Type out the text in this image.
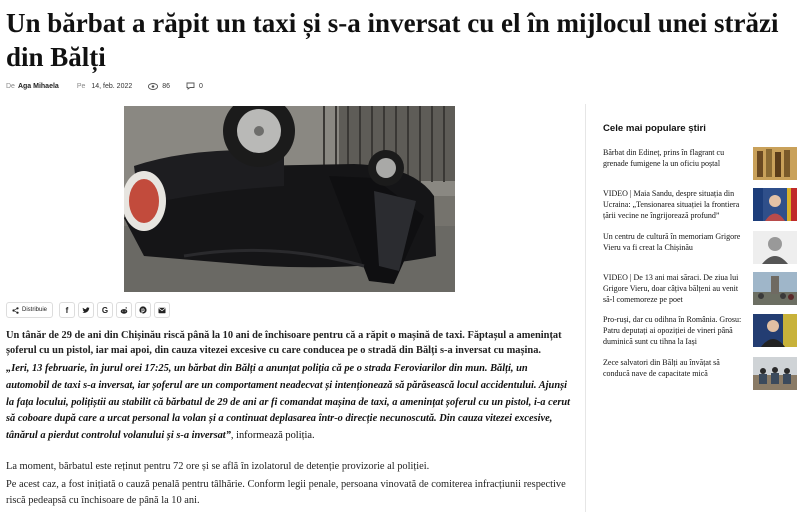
Un bărbat a răpit un taxi și s-a inversat cu el în mijlocul unei străzi din Bălți
De Aga Mihaela	Pe 14, feb. 2022	86	0
Distribuie f	G	p

Un tânăr de 29 de ani din Chișinău riscă până la 10 ani de închisoare pentru că a răpit o mașină de taxi. Făptașul a amenințat șoferul cu un pistol, iar mai apoi, din cauza vitezei excesive cu care conducea pe o stradă din Bălți s-a inversat cu mașina.

„Ieri, 13 februarie, în jurul orei 17:25, un bărbat din Bălți a anunțat poliția că pe o strada Feroviarilor din mun. Bălți, un automobil de taxi s-a inversat, iar șoferul are un comportament neadecvat și intenționează să părăsească locul accidentului. Ajunși la fața locului, polițiștii au stabilit că bărbatul de 29 de ani ar fi comandat mașina de taxi, a amenințat șoferul cu un pistol, i-a cerut să coboare după care a urcat personal la volan și a continuat deplasarea într-o direcție necunoscută. Din cauza vitezei excesive, tânărul a pierdut controlul volanului și s-a inversat”, informează poliția.

La moment, bărbatul este reținut pentru 72 ore și se află în izolatorul de detenție provizorie al poliției.

Pe acest caz, a fost inițiată o cauză penală pentru tâlhărie. Conform legii penale, persoana vinovată de comiterea infracțiunii respective riscă pedeapsă cu închisoare de până la 10 ani.

Cele mai populare știri
Bărbat din Edineț, prins în flagrant cu grenade fumigene la un oficiu poștal
VIDEO | Maia Sandu, despre situația din Ucraina: „Tensionarea situației la frontiera țării vecine ne îngrijorează profund”
Un centru de cultură în memoriam Grigore Vieru va fi creat la Chișinău
VIDEO | De 13 ani mai săraci. De ziua lui Grigore Vieru, doar câțiva bălțeni au venit să-l comemoreze pe poet
Pro-ruși, dar cu odihna în România. Grosu: Patru deputați ai opoziției de vineri până duminică sunt cu tihna la Iași
Zece salvatori din Bălți au învățat să conducă nave de capacitate mică
